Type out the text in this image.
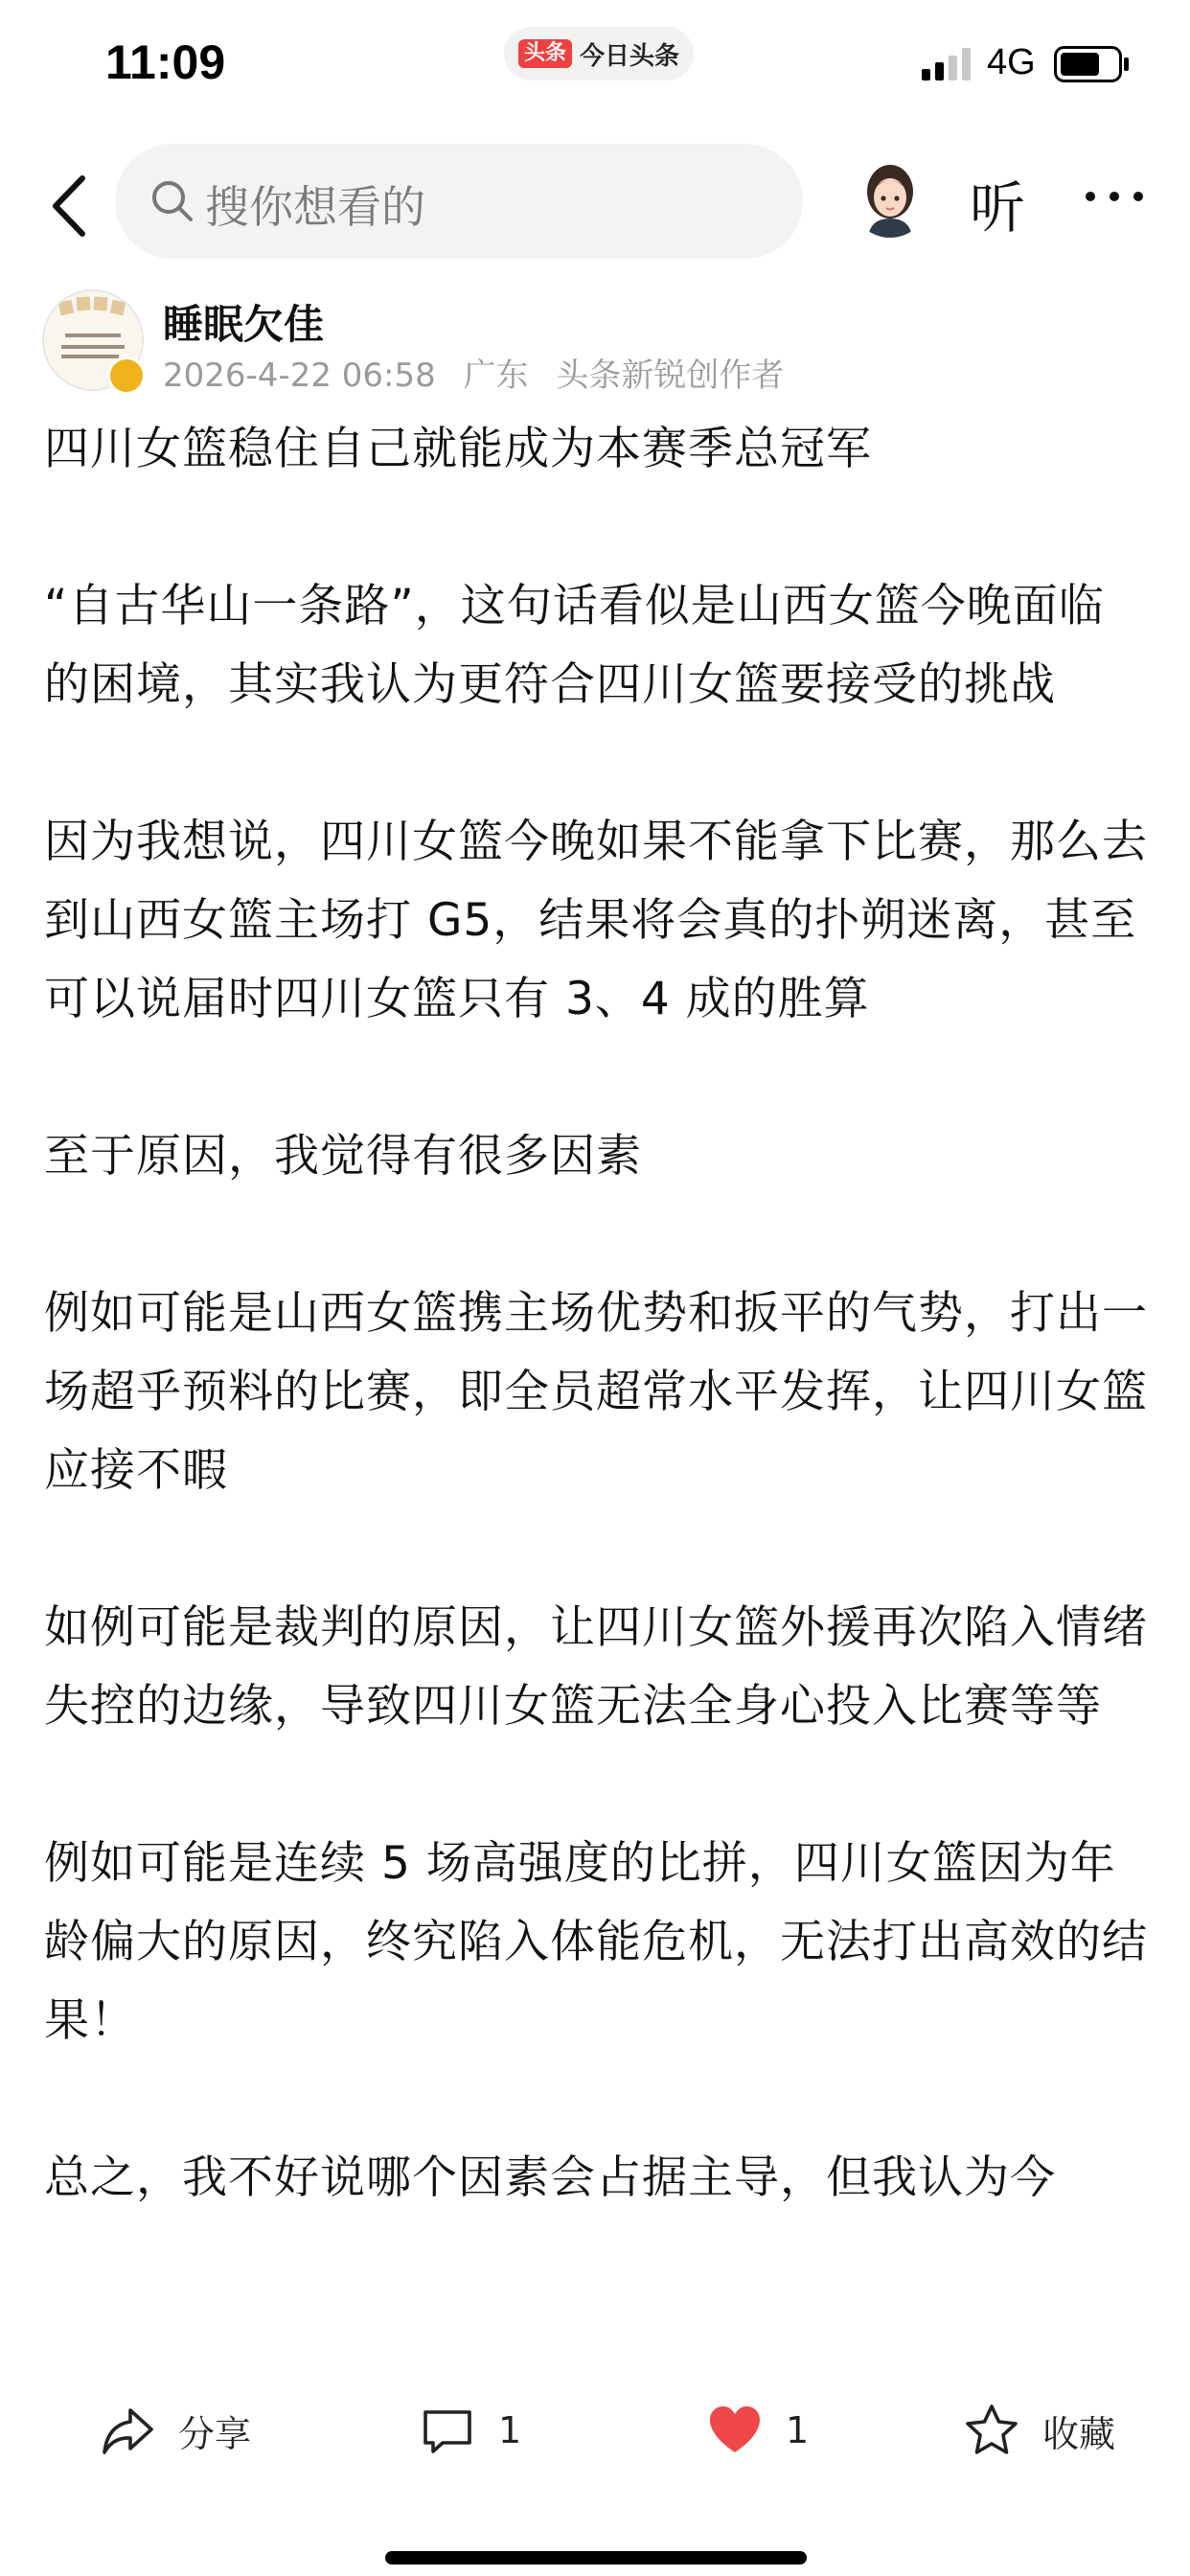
11:09	头条 今日头条	4G
搜你想看的	听
睡眠欠佳
2026-4-22 06:58 广东 头条新锐创作者

四川女篮稳住自己就能成为本赛季总冠军

“自古华山一条路”，这句话看似是山西女篮今晚面临的困境，其实我认为更符合四川女篮要接受的挑战

因为我想说，四川女篮今晚如果不能拿下比赛，那么去到山西女篮主场打 G5，结果将会真的扑朔迷离，甚至可以说届时四川女篮只有 3、4 成的胜算

至于原因，我觉得有很多因素

例如可能是山西女篮携主场优势和扳平的气势，打出一场超乎预料的比赛，即全员超常水平发挥，让四川女篮应接不暇

如例可能是裁判的原因，让四川女篮外援再次陷入情绪失控的边缘，导致四川女篮无法全身心投入比赛等等

例如可能是连续 5 场高强度的比拼，四川女篮因为年龄偏大的原因，终究陷入体能危机，无法打出高效的结果！

总之，我不好说哪个因素会占据主导，但我认为今

分享	1	1	收藏
